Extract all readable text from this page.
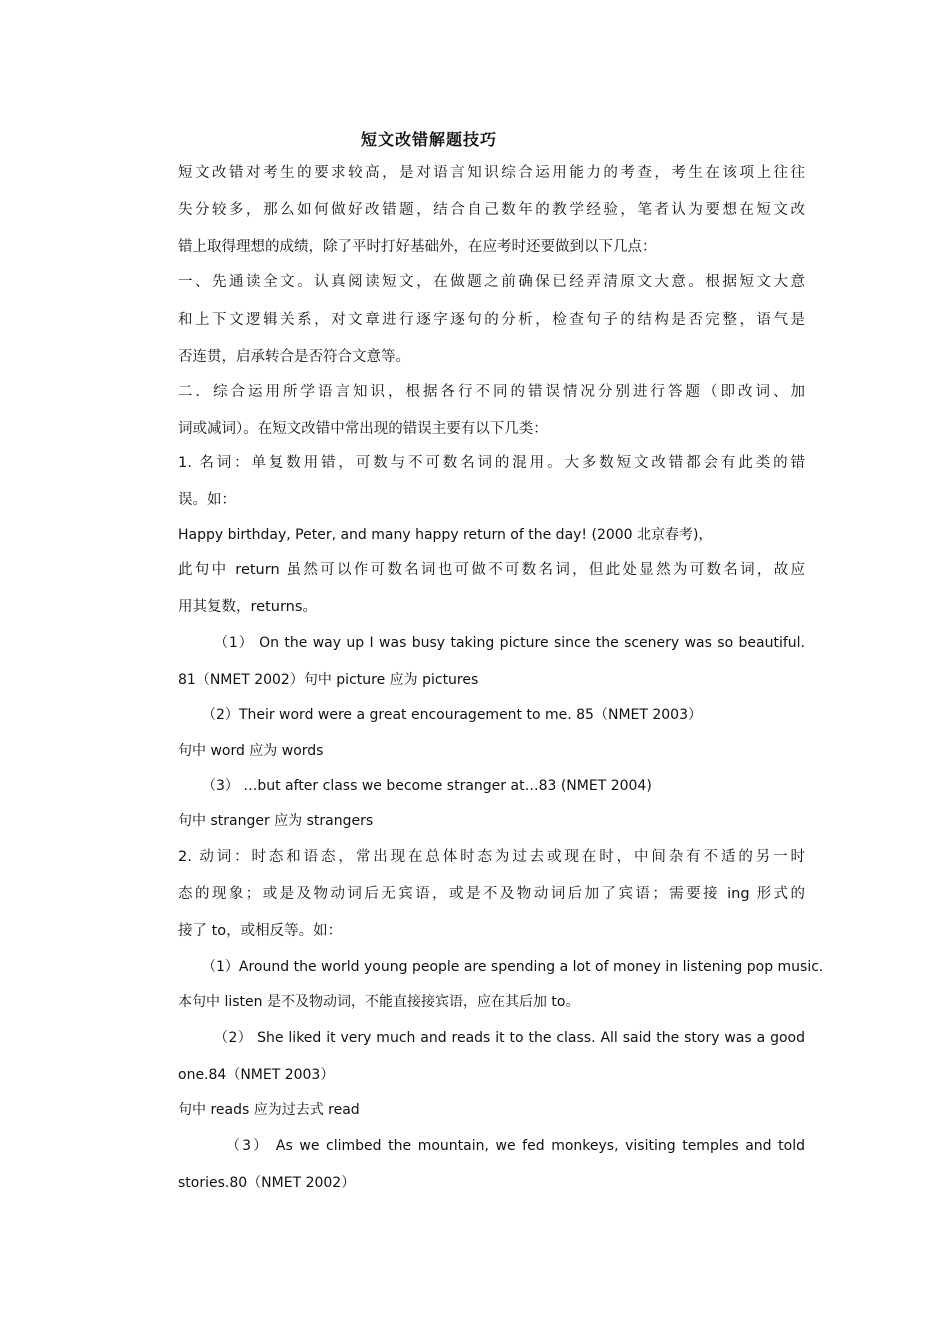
短文改错解题技巧
短文改错对考生的要求较高，是对语言知识综合运用能力的考查，考生在该项上往往
失分较多，那么如何做好改错题，结合自己数年的教学经验，笔者认为要想在短文改
错上取得理想的成绩，除了平时打好基础外，在应考时还要做到以下几点：
一、先通读全文。认真阅读短文，在做题之前确保已经弄清原文大意。根据短文大意
和上下文逻辑关系，对文章进行逐字逐句的分析，检查句子的结构是否完整，语气是
否连贯，启承转合是否符合文意等。
二．综合运用所学语言知识，根据各行不同的错误情况分别进行答题（即改词、加
词或减词）。在短文改错中常出现的错误主要有以下几类：
1. 名词：单复数用错，可数与不可数名词的混用。大多数短文改错都会有此类的错
误。如：
Happy birthday, Peter, and many happy return of the day! (2000 北京春考)，
此句中 return 虽然可以作可数名词也可做不可数名词，但此处显然为可数名词，故应
用其复数，returns。
（1） On the way up I was busy taking picture since the scenery was so beautiful.
81（NMET 2002）句中 picture 应为 pictures
（2）Their word were a great encouragement to me. 85（NMET 2003）
句中 word 应为 words
（3） …but after class we become stranger at…83 (NMET 2004)
句中 stranger 应为 strangers
2. 动词：时态和语态，常出现在总体时态为过去或现在时，中间杂有不适的另一时
态的现象；或是及物动词后无宾语，或是不及物动词后加了宾语；需要接 ing 形式的
接了 to，或相反等。如：
（1）Around the world young people are spending a lot of money in listening pop music.
本句中 listen 是不及物动词，不能直接接宾语，应在其后加 to。
（2） She liked it very much and reads it to the class. All said the story was a good
one.84（NMET 2003）
句中 reads 应为过去式 read
（3） As we climbed the mountain, we fed monkeys, visiting temples and told
stories.80（NMET 2002）
